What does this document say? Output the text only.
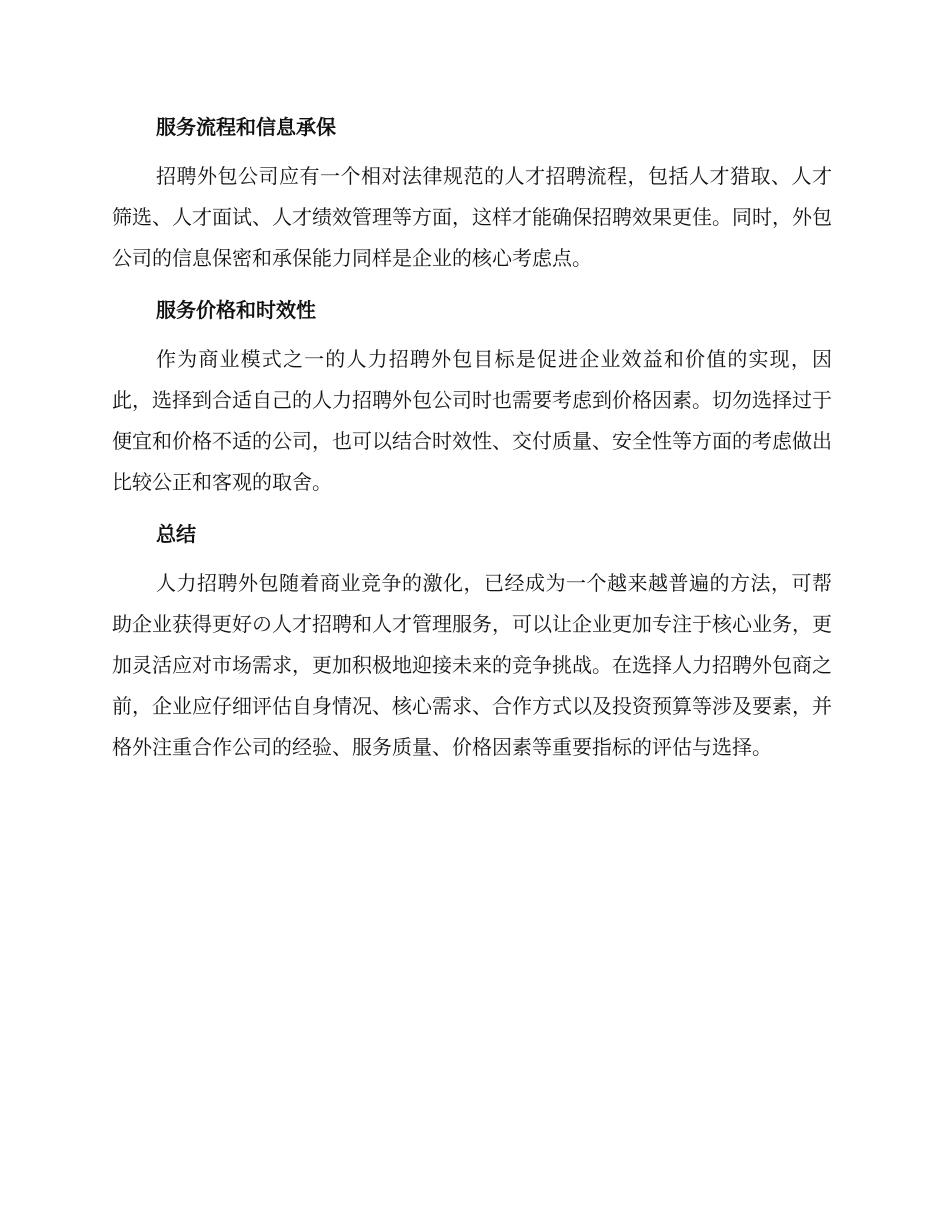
服务流程和信息承保

招聘外包公司应有一个相对法律规范的人才招聘流程，包括人才猎取、人才筛选、人才面试、人才绩效管理等方面，这样才能确保招聘效果更佳。同时，外包公司的信息保密和承保能力同样是企业的核心考虑点。

服务价格和时效性

作为商业模式之一的人力招聘外包目标是促进企业效益和价值的实现，因此，选择到合适自己的人力招聘外包公司时也需要考虑到价格因素。切勿选择过于便宜和价格不适的公司，也可以结合时效性、交付质量、安全性等方面的考虑做出比较公正和客观的取舍。

总结

人力招聘外包随着商业竞争的激化，已经成为一个越来越普遍的方法，可帮助企业获得更好の人才招聘和人才管理服务，可以让企业更加专注于核心业务，更加灵活应对市场需求，更加积极地迎接未来的竞争挑战。在选择人力招聘外包商之前，企业应仔细评估自身情况、核心需求、合作方式以及投资预算等涉及要素，并格外注重合作公司的经验、服务质量、价格因素等重要指标的评估与选择。
